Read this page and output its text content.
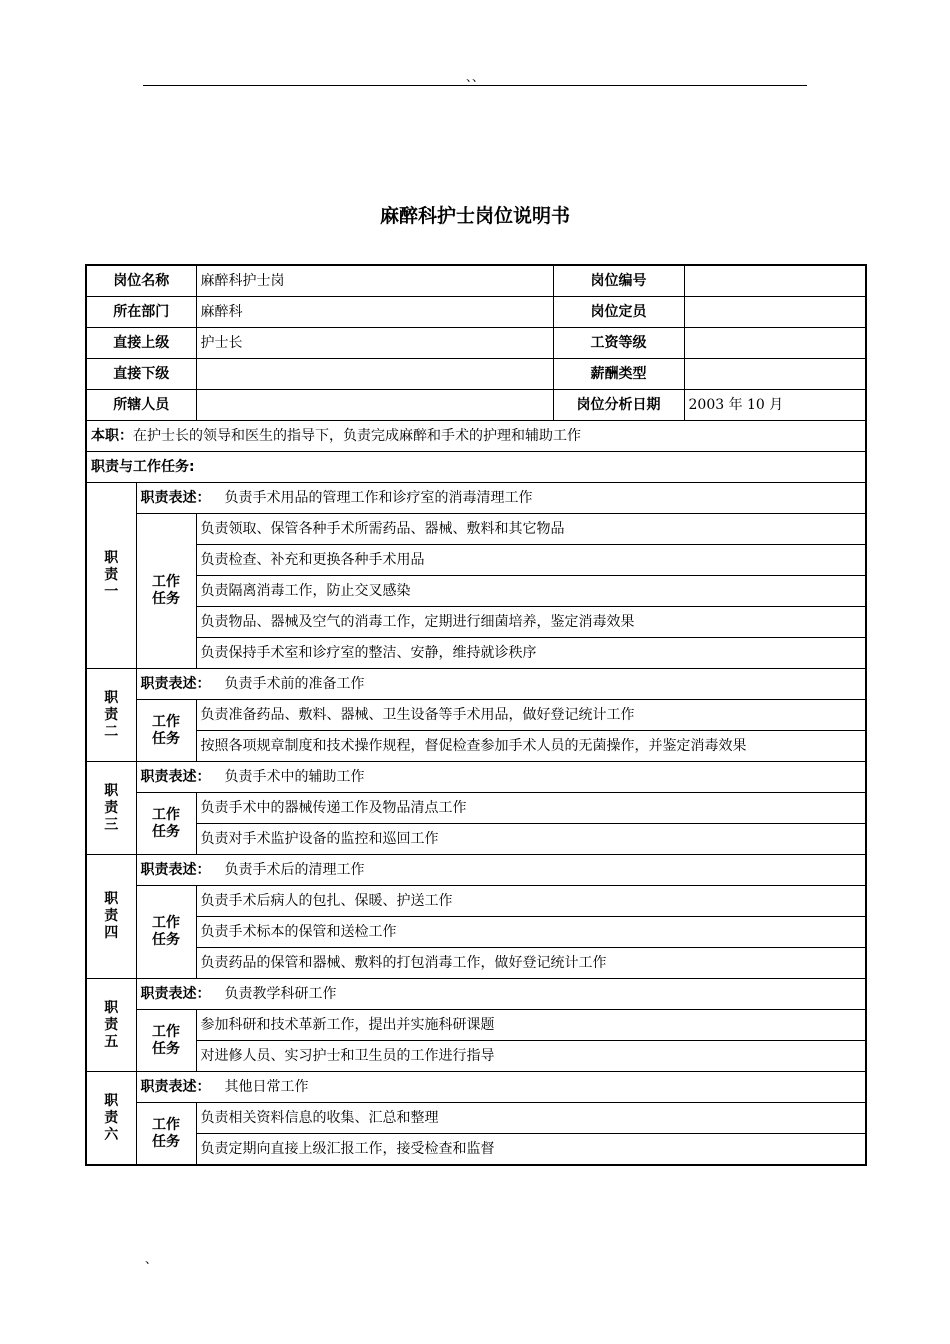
、、
麻醉科护士岗位说明书
岗位名称		麻醉科护士岗	岗位编号	
所在部门		麻醉科	岗位定员	
直接上级		护士长	工资等级	
直接下级			薪酬类型	
所辖人员			岗位分析日期	2003 年 10 月
本职：在护士长的领导和医生的指导下，负责完成麻醉和手术的护理和辅助工作				
职责与工作任务:				

职
责
一	职责表述： 负责手术用品的管理工作和诊疗室的消毒清理工作			

	工作
任务	负责领取、保管各种手术所需药品、器械、敷料和其它物品		
		负责检查、补充和更换各种手术用品		
		负责隔离消毒工作，防止交叉感染		
		负责物品、器械及空气的消毒工作，定期进行细菌培养，鉴定消毒效果		
		负责保持手术室和诊疗室的整洁、安静，维持就诊秩序		

职
责
二	职责表述： 负责手术前的准备工作			

	工作
任务	负责准备药品、敷料、器械、卫生设备等手术用品，做好登记统计工作		
		按照各项规章制度和技术操作规程，督促检查参加手术人员的无菌操作，并鉴定消毒效果		

职
责
三	职责表述： 负责手术中的辅助工作			

	工作
任务	负责手术中的器械传递工作及物品清点工作		
		负责对手术监护设备的监控和巡回工作		

职
责
四	职责表述： 负责手术后的清理工作			

	工作
任务	负责手术后病人的包扎、保暖、护送工作		
		负责手术标本的保管和送检工作		
		负责药品的保管和器械、敷料的打包消毒工作，做好登记统计工作		

职
责
五	职责表述： 负责教学科研工作			

	工作
任务	参加科研和技术革新工作，提出并实施科研课题		
		对进修人员、实习护士和卫生员的工作进行指导		

职
责
六	职责表述： 其他日常工作			

	工作
任务	负责相关资料信息的收集、汇总和整理		
		负责定期向直接上级汇报工作，接受检查和监督		
、
